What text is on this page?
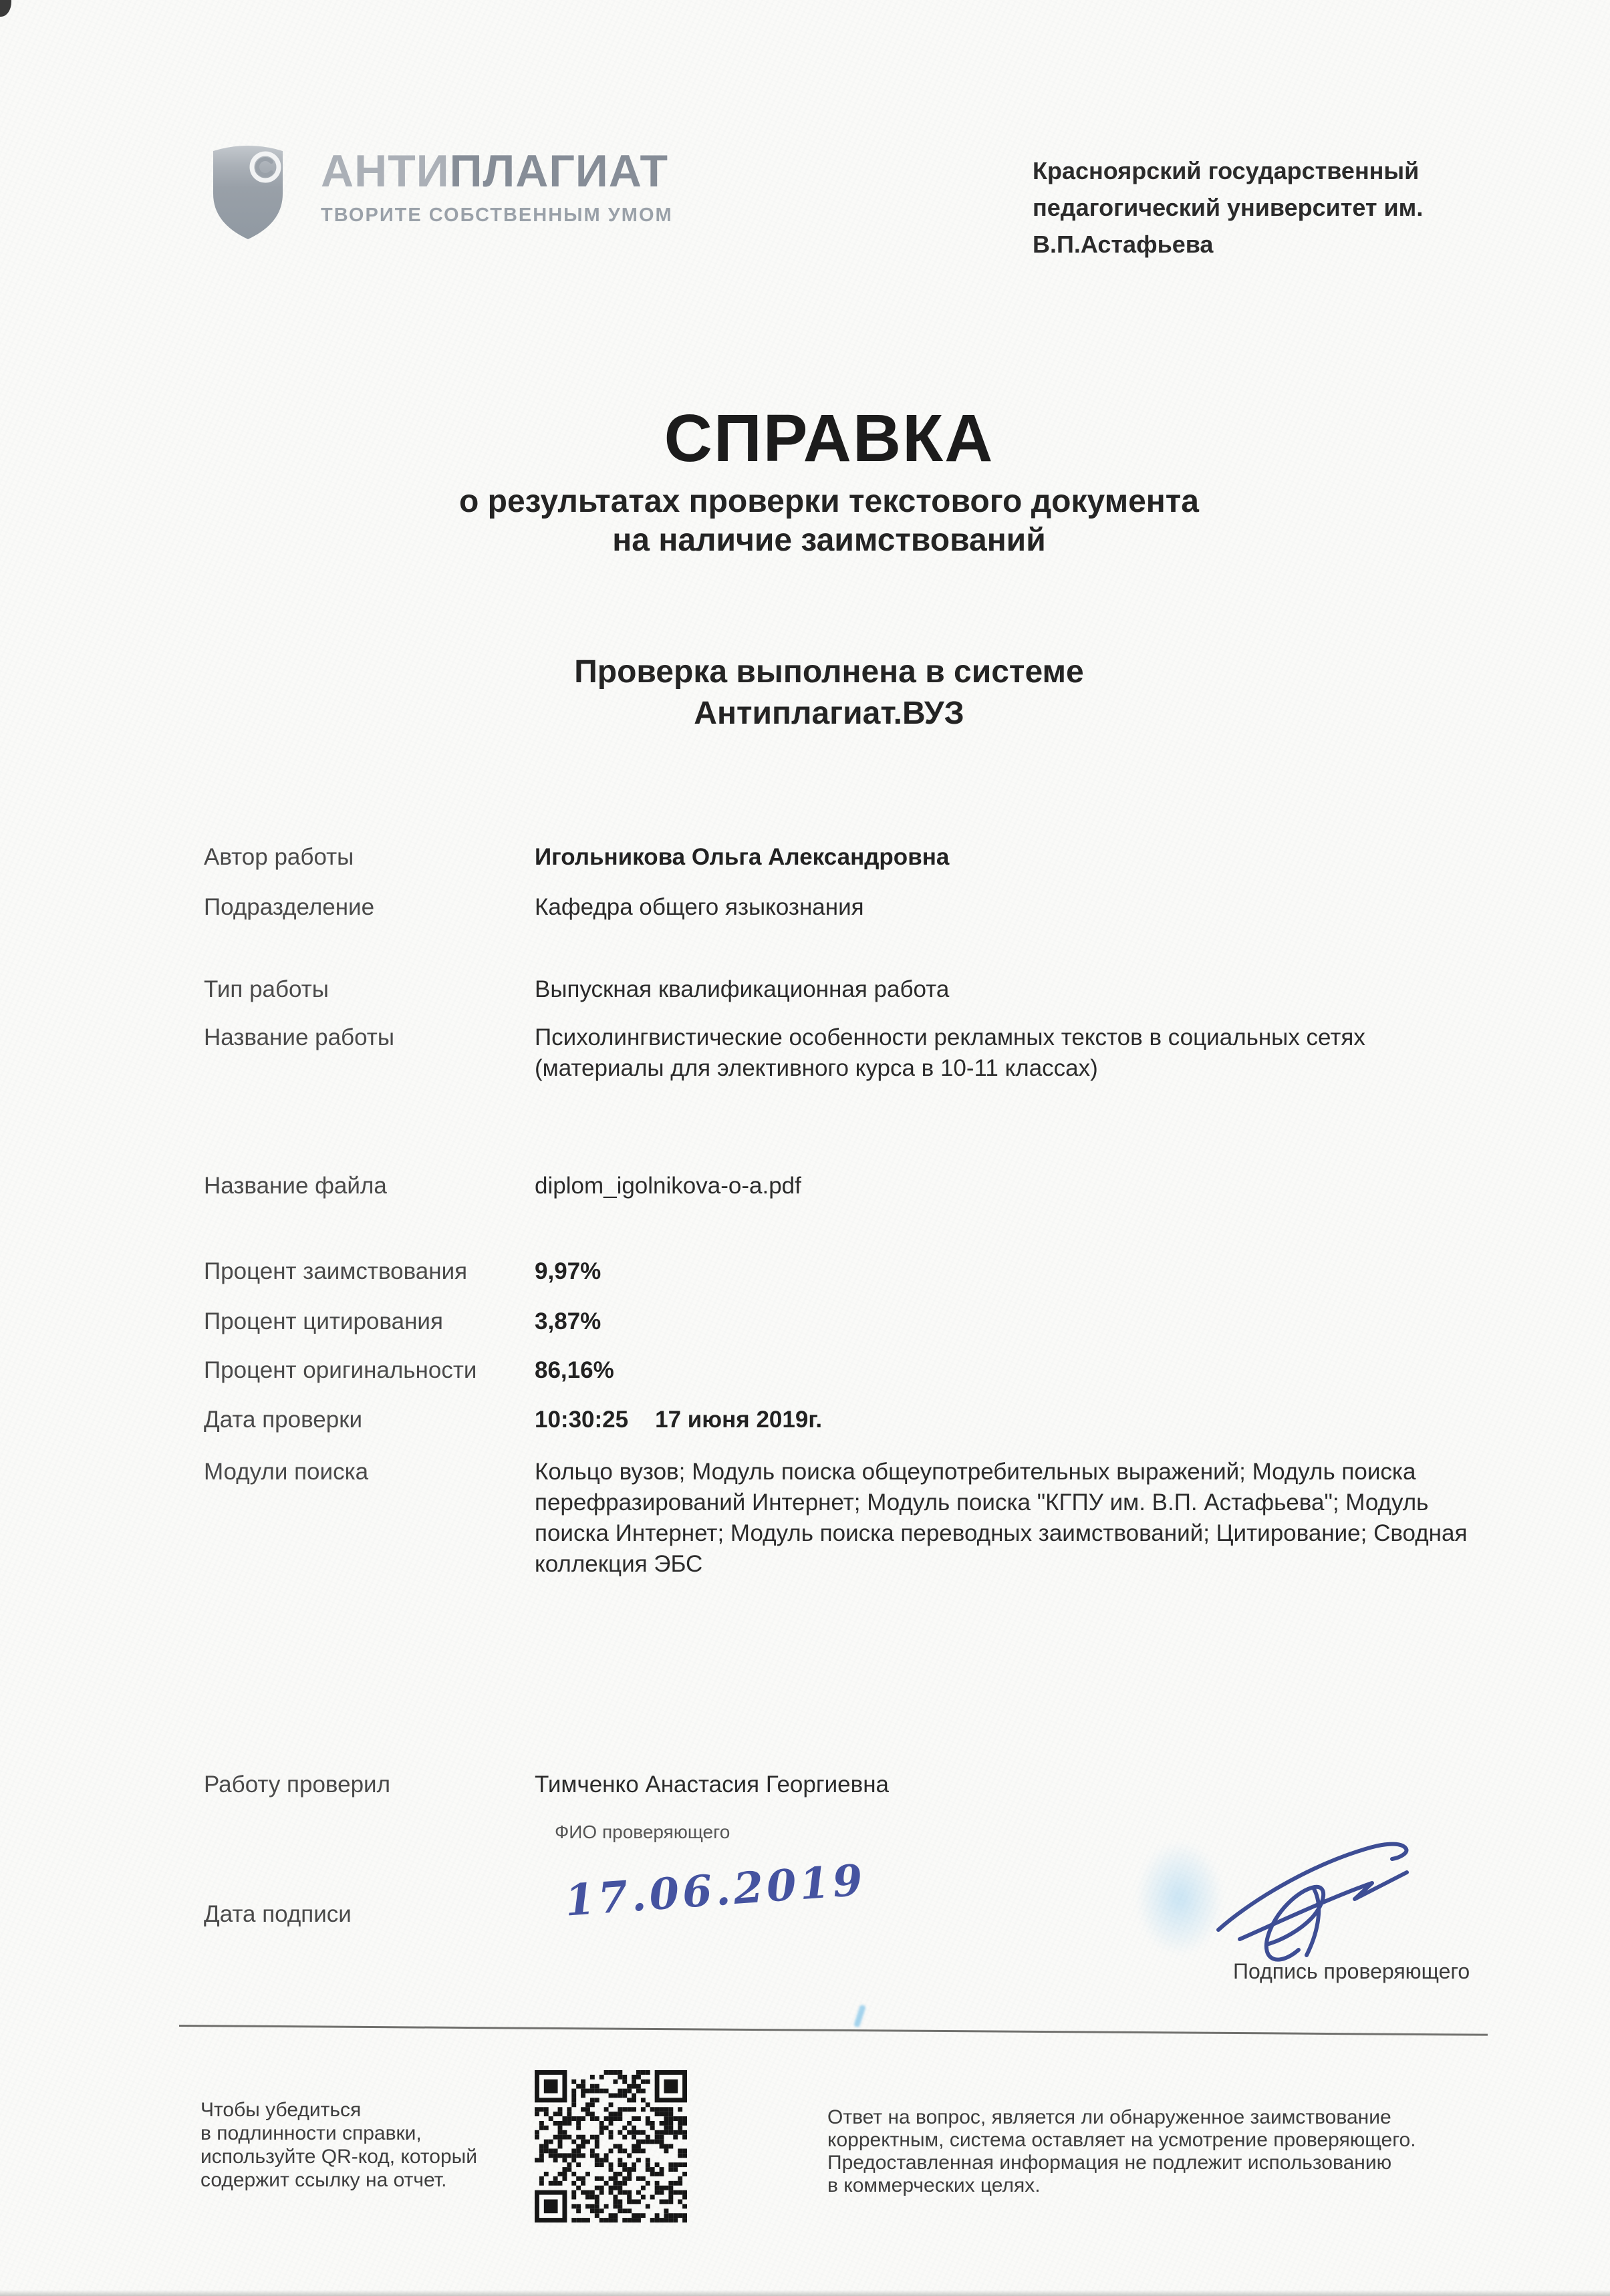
АНТИПЛАГИАТ
ТВОРИТЕ СОБСТВЕННЫМ УМОМ
Красноярский государственный
педагогический университет им.
В.П.Астафьева
СПРАВКА
о результатах проверки текстового документа
на наличие заимствований
Проверка выполнена в системе
Антиплагиат.ВУЗ
Автор работы	Игольникова Ольга Александровна
Подразделение	Кафедра общего языкознания
Тип работы	Выпускная квалификационная работа
Название работы	Психолингвистические особенности рекламных текстов в социальных сетях
(материалы для элективного курса в 10-11 классах)
Название файла	diplom_igolnikova-o-a.pdf
Процент заимствования	9,97%
Процент цитирования	3,87%
Процент оригинальности	86,16%
Дата проверки	10:30:25 17 июня 2019г.
Модули поиска	Кольцо вузов; Модуль поиска общеупотребительных выражений; Модуль поиска перефразирований Интернет; Модуль поиска "КГПУ им. В.П. Астафьева"; Модуль поиска Интернет; Модуль поиска переводных заимствований; Цитирование; Сводная коллекция ЭБС
Работу проверил	Тимченко Анастасия Георгиевна
ФИО проверяющего
Дата подписи	17.06.2019
Подпись проверяющего
Чтобы убедиться
в подлинности справки,
используйте QR-код, который
содержит ссылку на отчет.
Ответ на вопрос, является ли обнаруженное заимствование
корректным, система оставляет на усмотрение проверяющего.
Предоставленная информация не подлежит использованию
в коммерческих целях.
